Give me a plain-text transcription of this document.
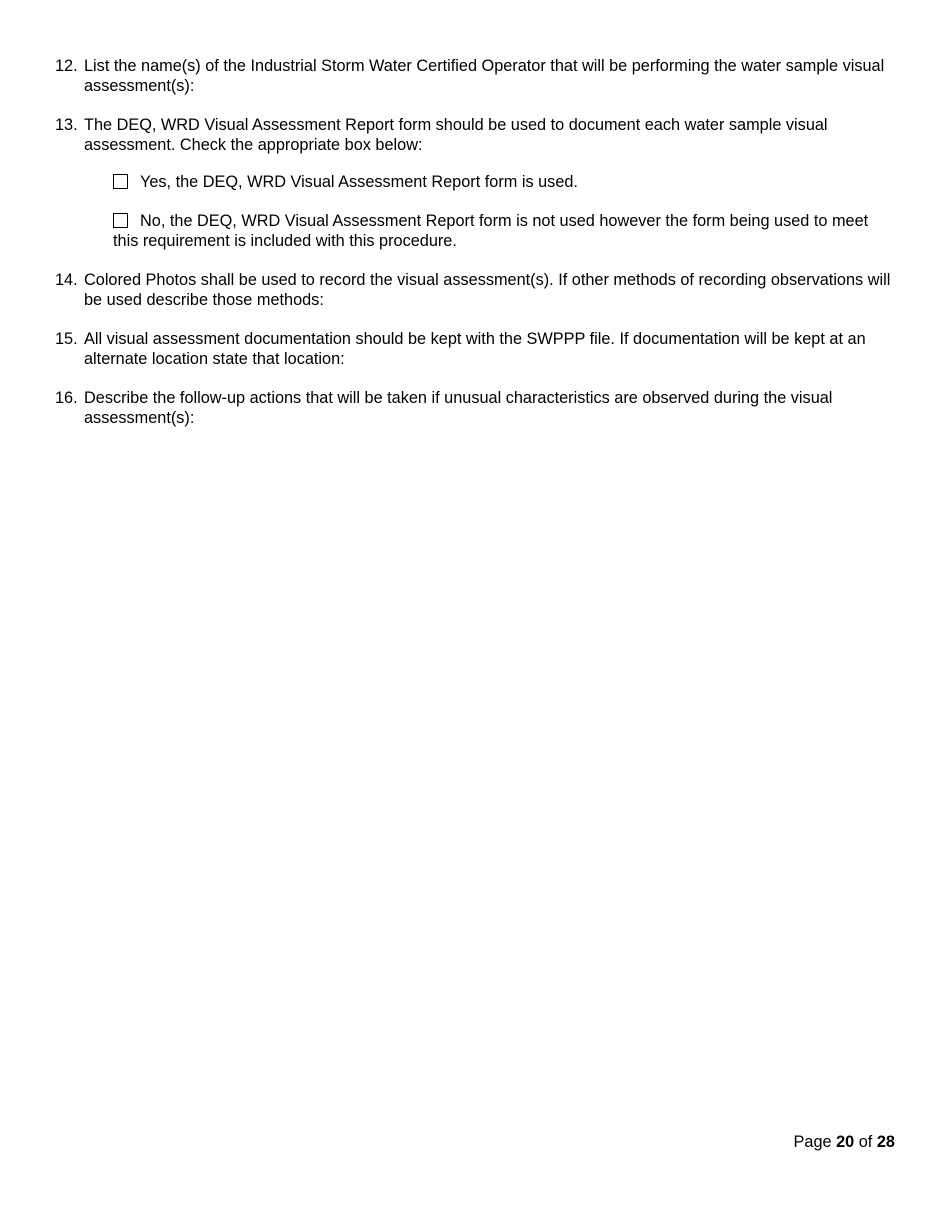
12. List the name(s) of the Industrial Storm Water Certified Operator that will be performing the water sample visual assessment(s):
13. The DEQ, WRD Visual Assessment Report form should be used to document each water sample visual assessment. Check the appropriate box below:
Yes, the DEQ, WRD Visual Assessment Report form is used.
No, the DEQ, WRD Visual Assessment Report form is not used however the form being used to meet this requirement is included with this procedure.
14. Colored Photos shall be used to record the visual assessment(s). If other methods of recording observations will be used describe those methods:
15. All visual assessment documentation should be kept with the SWPPP file. If documentation will be kept at an alternate location state that location:
16. Describe the follow-up actions that will be taken if unusual characteristics are observed during the visual assessment(s):
Page 20 of 28
